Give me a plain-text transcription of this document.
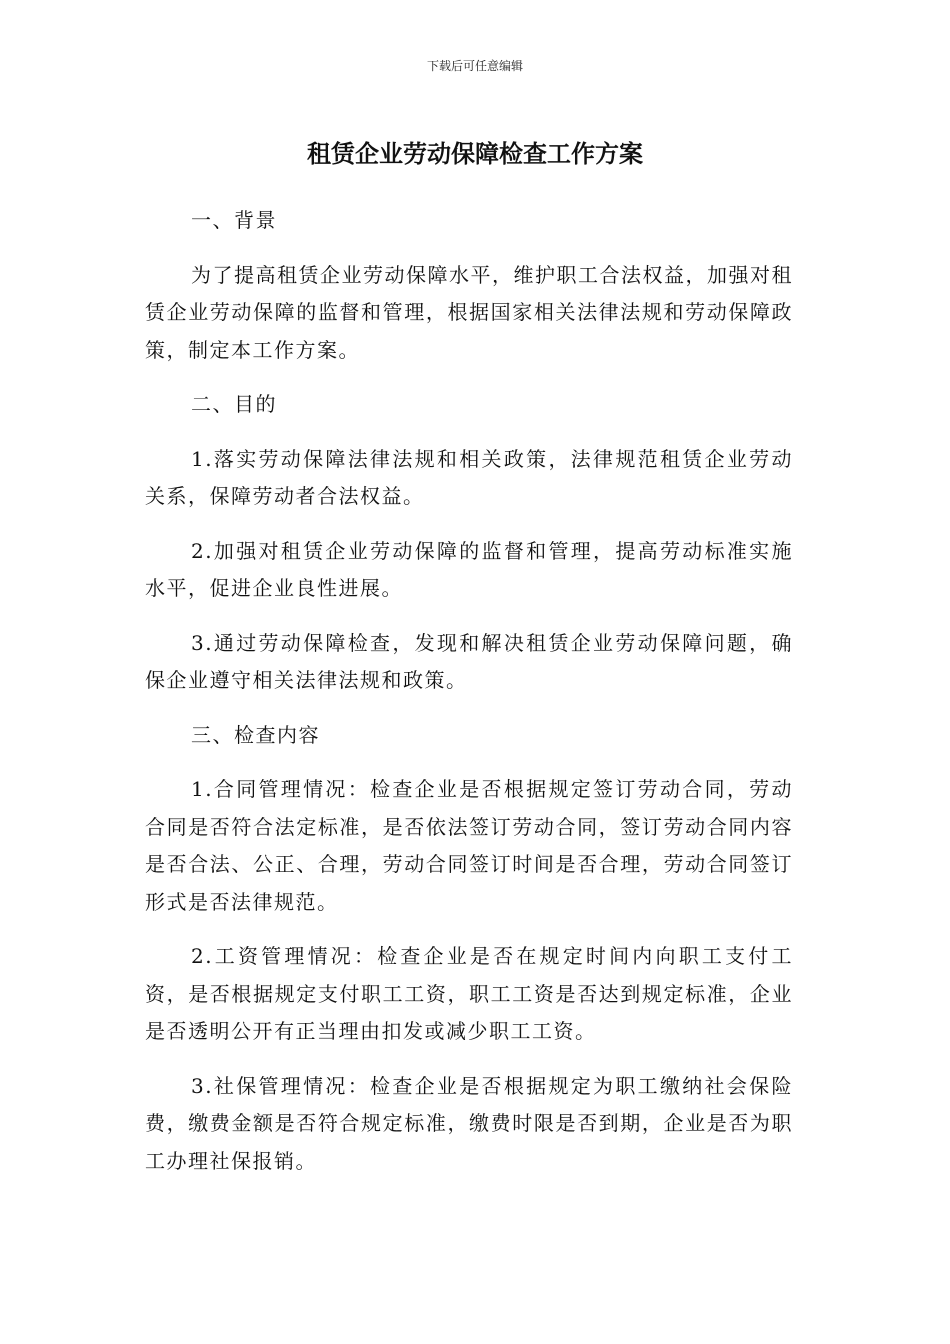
下载后可任意编辑
租赁企业劳动保障检查工作方案
一、背景
为了提高租赁企业劳动保障水平，维护职工合法权益，加强对租赁企业劳动保障的监督和管理，根据国家相关法律法规和劳动保障政策，制定本工作方案。
二、目的
1.落实劳动保障法律法规和相关政策，法律规范租赁企业劳动关系，保障劳动者合法权益。
2.加强对租赁企业劳动保障的监督和管理，提高劳动标准实施水平，促进企业良性进展。
3.通过劳动保障检查，发现和解决租赁企业劳动保障问题，确保企业遵守相关法律法规和政策。
三、检查内容
1.合同管理情况：检查企业是否根据规定签订劳动合同，劳动合同是否符合法定标准，是否依法签订劳动合同，签订劳动合同内容是否合法、公正、合理，劳动合同签订时间是否合理，劳动合同签订形式是否法律规范。
2.工资管理情况：检查企业是否在规定时间内向职工支付工资，是否根据规定支付职工工资，职工工资是否达到规定标准，企业是否透明公开有正当理由扣发或减少职工工资。
3.社保管理情况：检查企业是否根据规定为职工缴纳社会保险费，缴费金额是否符合规定标准，缴费时限是否到期，企业是否为职工办理社保报销。
